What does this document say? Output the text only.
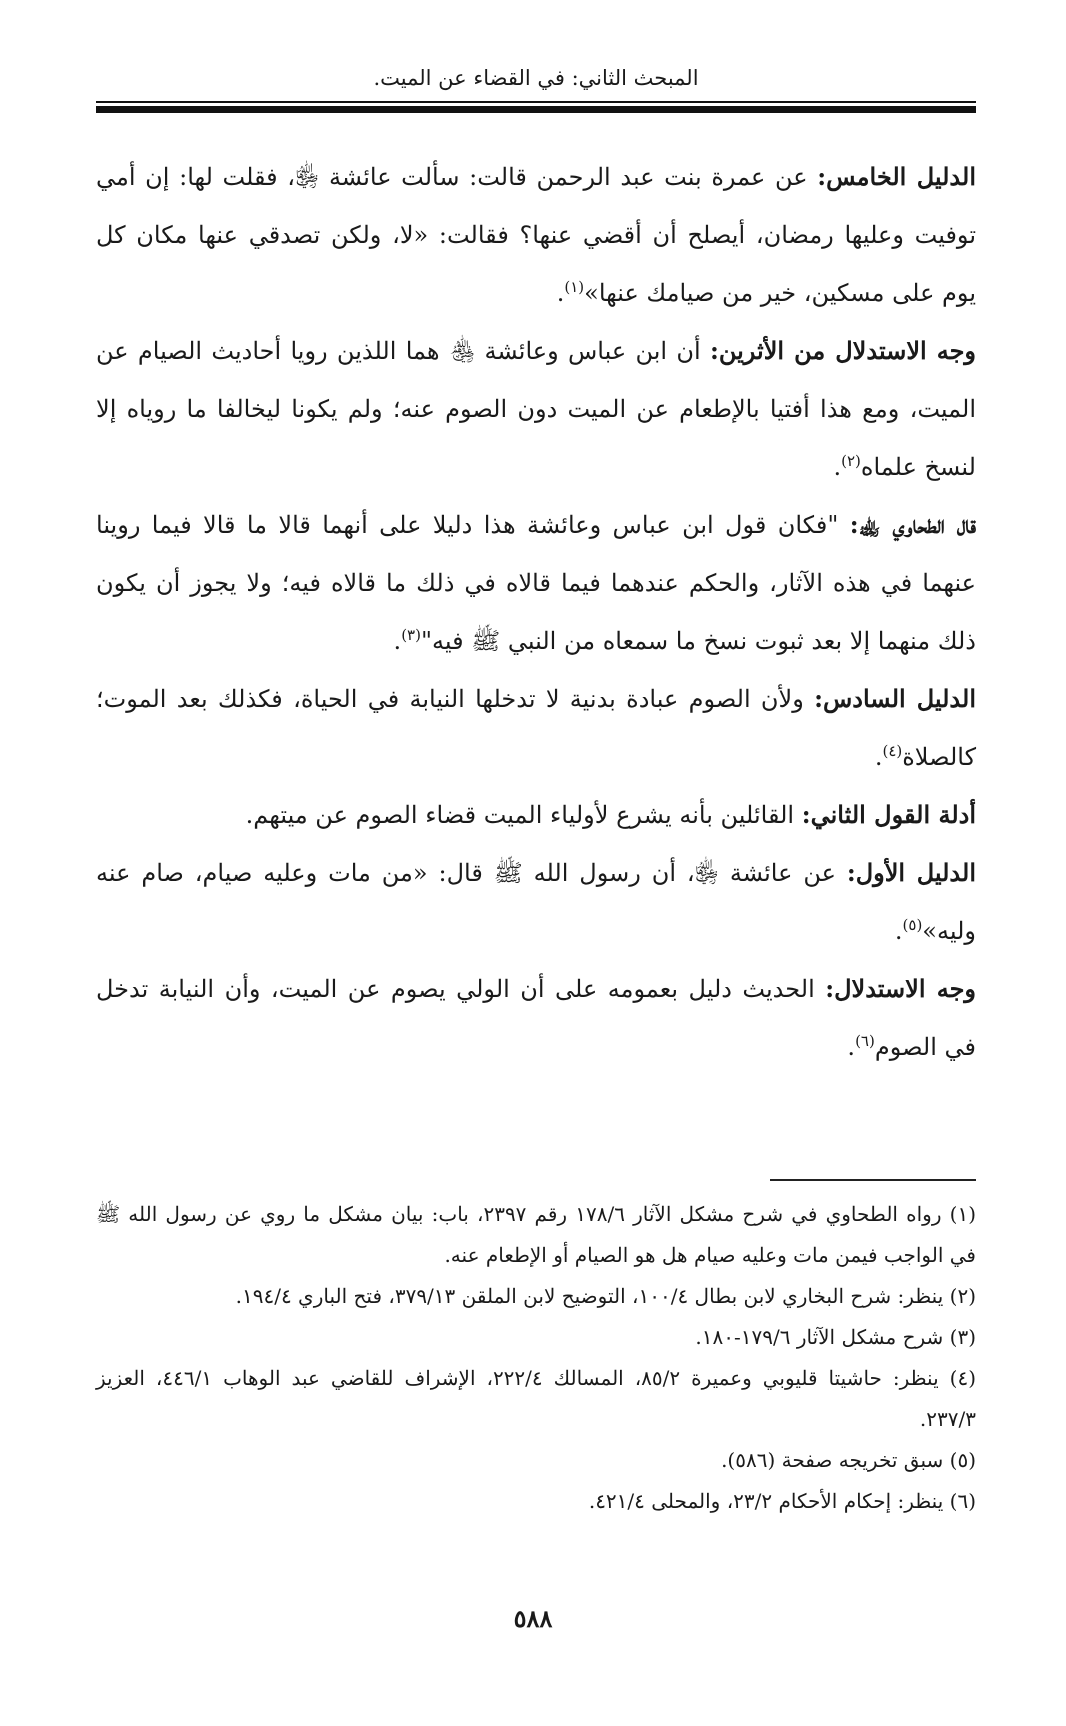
المبحث الثاني: في القضاء عن الميت.

الدليل الخامس: عن عمرة بنت عبد الرحمن قالت: سألت عائشة ﵂، فقلت لها: إن أمي توفيت وعليها رمضان، أيصلح أن أقضي عنها؟ فقالت: «لا، ولكن تصدقي عنها مكان كل يوم على مسكين، خير من صيامك عنها»$^{(١)}$.

وجه الاستدلال من الأثرين: أن ابن عباس وعائشة ﵃ هما اللذين رويا أحاديث الصيام عن الميت، ومع هذا أفتيا بالإطعام عن الميت دون الصوم عنه؛ ولم يكونا ليخالفا ما روياه إلا لنسخ علماه$^{(٢)}$.

قال الطحاوي ﵀: "فكان قول ابن عباس وعائشة هذا دليلا على أنهما قالا ما قالا فيما روينا عنهما في هذه الآثار، والحكم عندهما فيما قالاه في ذلك ما قالاه فيه؛ ولا يجوز أن يكون ذلك منهما إلا بعد ثبوت نسخ ما سمعاه من النبي ﷺ فيه"$^{(٣)}$.

الدليل السادس: ولأن الصوم عبادة بدنية لا تدخلها النيابة في الحياة، فكذلك بعد الموت؛ كالصلاة$^{(٤)}$.

أدلة القول الثاني: القائلين بأنه يشرع لأولياء الميت قضاء الصوم عن ميتهم.

الدليل الأول: عن عائشة ﵂، أن رسول الله ﷺ قال: «من مات وعليه صيام، صام عنه وليه»$^{(٥)}$.

وجه الاستدلال: الحديث دليل بعمومه على أن الولي يصوم عن الميت، وأن النيابة تدخل في الصوم$^{(٦)}$.

(١) رواه الطحاوي في شرح مشكل الآثار ١٧٨/٦ رقم ٢٣٩٧، باب: بيان مشكل ما روي عن رسول الله ﷺ في الواجب فيمن مات وعليه صيام هل هو الصيام أو الإطعام عنه.

(٢) ينظر: شرح البخاري لابن بطال ١٠٠/٤، التوضيح لابن الملقن ٣٧٩/١٣، فتح الباري ١٩٤/٤.

(٣) شرح مشكل الآثار ١٧٩/٦-١٨٠.

(٤) ينظر: حاشيتا قليوبي وعميرة ٨٥/٢، المسالك ٢٢٢/٤، الإشراف للقاضي عبد الوهاب ٤٤٦/١، العزيز ٢٣٧/٣.

(٥) سبق تخريجه صفحة (٥٨٦).

(٦) ينظر: إحكام الأحكام ٢٣/٢، والمحلى ٤٢١/٤.

٥٨٨
